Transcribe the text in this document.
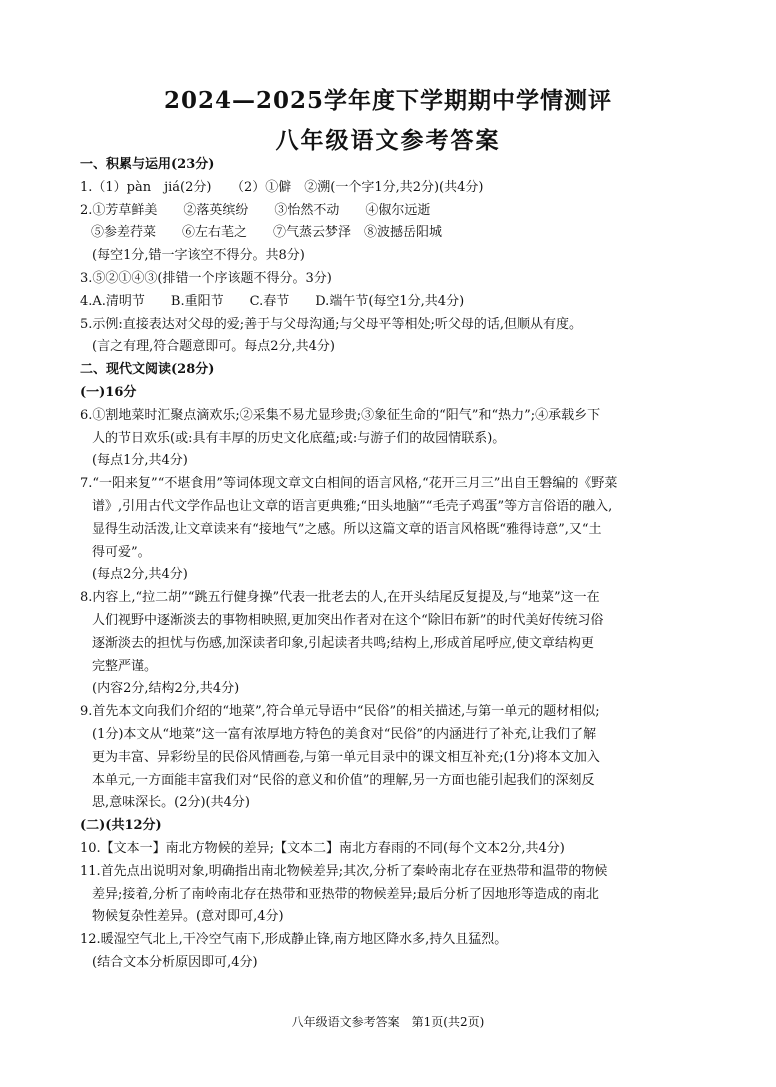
2024—2025学年度下学期期中学情测评
八年级语文参考答案
一、积累与运用(23分)
1.（1）pàn　jiá(2分)　　（2）①僻　②溯(一个字1分,共2分)(共4分)
2.①芳草鲜美　　②落英缤纷　　③怡然不动　　④俶尔远逝
⑤参差荇菜　　⑥左右芼之　　⑦气蒸云梦泽　⑧波撼岳阳城
(每空1分,错一字该空不得分。共8分)
3.⑤②①④③(排错一个序该题不得分。3分)
4.A.清明节　　B.重阳节　　C.春节　　D.端午节(每空1分,共4分)
5.示例:直接表达对父母的爱;善于与父母沟通;与父母平等相处;听父母的话,但顺从有度。
(言之有理,符合题意即可。每点2分,共4分)
二、现代文阅读(28分)
(一)16分
6.①割地菜时汇聚点滴欢乐;②采集不易尤显珍贵;③象征生命的“阳气”和“热力”;④承载乡下
人的节日欢乐(或:具有丰厚的历史文化底蕴;或:与游子们的故园情联系)。
(每点1分,共4分)
7.“一阳来复”“不堪食用”等词体现文章文白相间的语言风格,“花开三月三”出自王磐编的《野菜
谱》,引用古代文学作品也让文章的语言更典雅;“田头地脑”“毛壳子鸡蛋”等方言俗语的融入,
显得生动活泼,让文章读来有“接地气”之感。所以这篇文章的语言风格既“雅得诗意”,又“土
得可爱”。
(每点2分,共4分)
8.内容上,“拉二胡”“跳五行健身操”代表一批老去的人,在开头结尾反复提及,与“地菜”这一在
人们视野中逐渐淡去的事物相映照,更加突出作者对在这个“除旧布新”的时代美好传统习俗
逐渐淡去的担忧与伤感,加深读者印象,引起读者共鸣;结构上,形成首尾呼应,使文章结构更
完整严谨。
(内容2分,结构2分,共4分)
9.首先本文向我们介绍的“地菜”,符合单元导语中“民俗”的相关描述,与第一单元的题材相似;
(1分)本文从“地菜”这一富有浓厚地方特色的美食对“民俗”的内涵进行了补充,让我们了解
更为丰富、异彩纷呈的民俗风情画卷,与第一单元目录中的课文相互补充;(1分)将本文加入
本单元,一方面能丰富我们对“民俗的意义和价值”的理解,另一方面也能引起我们的深刻反
思,意味深长。(2分)(共4分)
(二)(共12分)
10.【文本一】南北方物候的差异;【文本二】南北方春雨的不同(每个文本2分,共4分)
11.首先点出说明对象,明确指出南北物候差异;其次,分析了秦岭南北存在亚热带和温带的物候
差异;接着,分析了南岭南北存在热带和亚热带的物候差异;最后分析了因地形等造成的南北
物候复杂性差异。(意对即可,4分)
12.暖湿空气北上,干冷空气南下,形成静止锋,南方地区降水多,持久且猛烈。
(结合文本分析原因即可,4分)
八年级语文参考答案　第1页(共2页)
